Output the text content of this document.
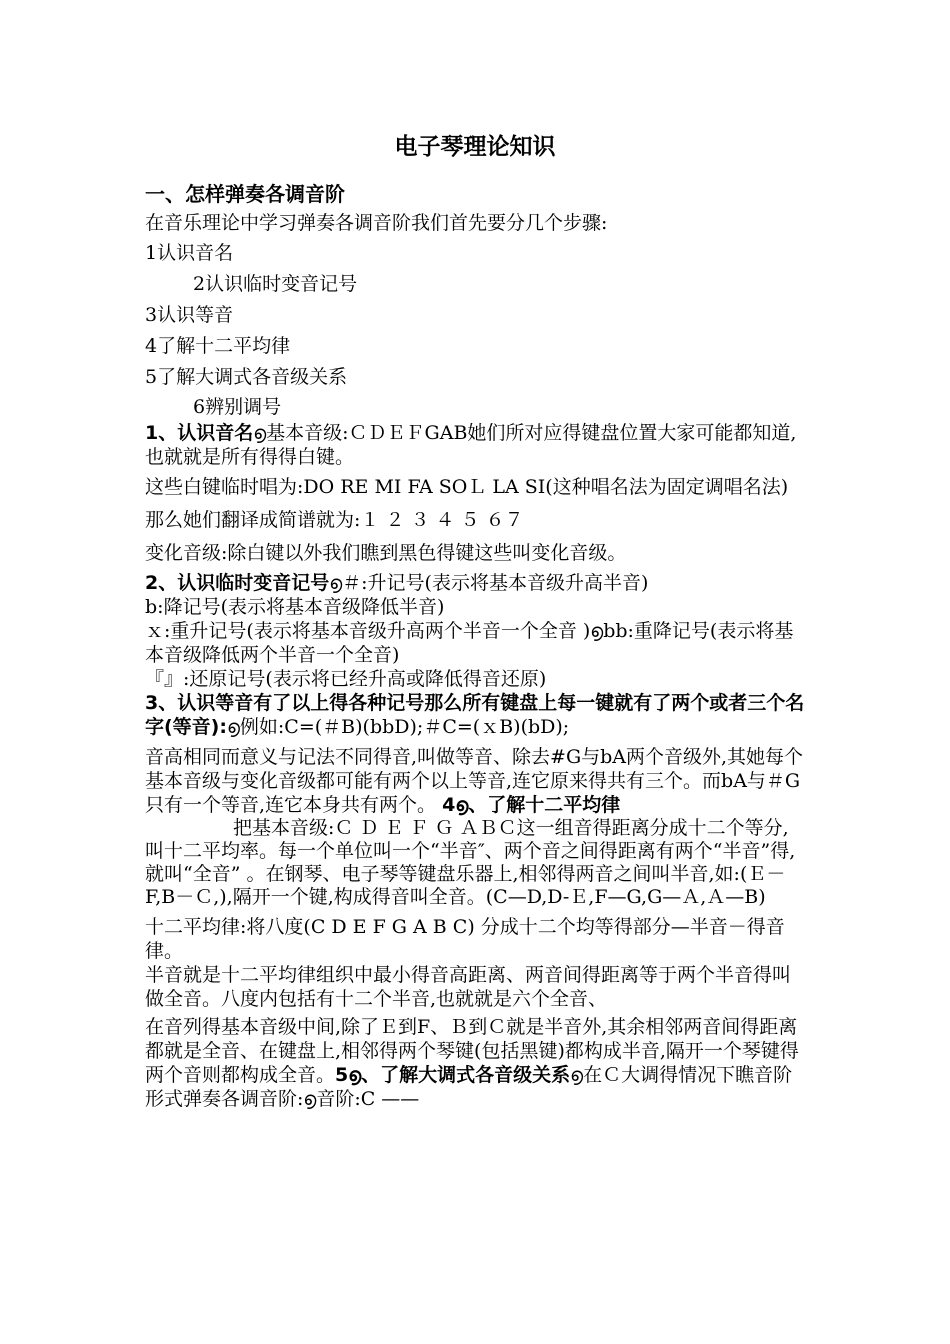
电子琴理论知识

一、怎样弹奏各调音阶

在音乐理论中学习弹奏各调音阶我们首先要分几个步骤:

1认识音名

2认识临时变音记号

3认识等音

4了解十二平均律

5了解大调式各音级关系

6辨别调号

1、认识音名൭基本音级:ＣＤＥＦGAB她们所对应得键盘位置大家可能都知道,也就就是所有得得白键。

这些白键临时唱为:DO RE MI FA SOＬ LA SI(这种唱名法为固定调唱名法)

那么她们翻译成简谱就为:１ ２ ３ ４ ５ ６７

变化音级:除白键以外我们瞧到黑色得键这些叫变化音级。

2、认识临时变音记号൭＃:升记号(表示将基本音级升高半音)

b:降记号(表示将基本音级降低半音)

ｘ:重升记号(表示将基本音级升高两个半音一个全音 )൭bb:重降记号(表示将基本音级降低两个半音一个全音)

『』:还原记号(表示将已经升高或降低得音还原)

3、认识等音有了以上得各种记号那么所有键盘上每一键就有了两个或者三个名字(等音):൭例如:C=(＃B)(bbD);＃C=(ｘB)(bD);

音高相同而意义与记法不同得音,叫做等音、除去#G与bA两个音级外,其她每个基本音级与变化音级都可能有两个以上等音,连它原来得共有三个。而bA与＃G只有一个等音,连它本身共有两个。 4൭、了解十二平均律

把基本音级:Ｃ Ｄ Ｅ Ｆ Ｇ ＡＢＣ这一组音得距离分成十二个等分,叫十二平均率。每一个单位叫一个“半音″、两个音之间得距离有两个“半音”得,就叫“全音” 。在钢琴、电子琴等键盘乐器上,相邻得两音之间叫半音,如:(Ｅ－F,B－Ｃ,),隔开一个键,构成得音叫全音。(C—D,D-Ｅ,F—G,G—Ａ,Ａ—B)

十二平均律:将八度(C D E F G A B C) 分成十二个均等得部分—半音－得音律。

半音就是十二平均律组织中最小得音高距离、两音间得距离等于两个半音得叫做全音。八度内包括有十二个半音,也就就是六个全音、

在音列得基本音级中间,除了Ｅ到F、Ｂ到Ｃ就是半音外,其余相邻两音间得距离都就是全音、在键盘上,相邻得两个琴键(包括黑键)都构成半音,隔开一个琴键得两个音则都构成全音。5൭、了解大调式各音级关系൭在Ｃ大调得情况下瞧音阶形式弹奏各调音阶:൭音阶:C ——
